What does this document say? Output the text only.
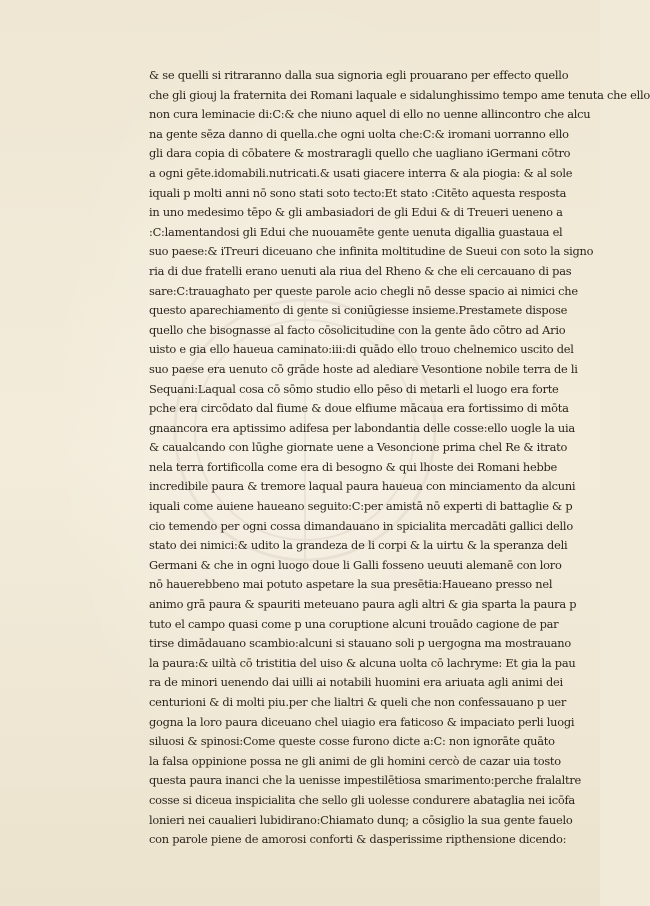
& se quelli si ritraranno dalla sua signoria egli prouarano per effecto quello
che gli giouj la fraternita dei Romani laquale e sidalunghissimo tempo ame tenuta che ello
non cura leminacie di:C:& che niuno aquel di ello no uenne allincontro che alcu
na gente sēza danno di quella.che ogni uolta che:C:& iromani uorranno ello
gli dara copia di cōbatere & mostraragli quello che uagliano iGermani cōtro
a ogni gēte.idomabili.nutricati.& usati giacere interra & ala piogia: & al sole
iquali p molti anni nō sono stati soto tecto:Et stato :Citēto aquesta resposta
in uno medesimo tēpo & gli ambasiadori de gli Edui & di Treueri ueneno a
:C:lamentandosi gli Edui che nuouamēte gente uenuta digallia guastaua el
suo paese:& iTreuri diceuano che infinita moltitudine de Sueui con soto la signo
ria di due fratelli erano uenuti ala riua del Rheno & che eli cercauano di pas
sare:C:trauaghato per queste parole acio chegli nō desse spacio ai nimici che
questo aparechiamento di gente si coniūgiesse insieme.Prestamete dispose
quello che bisognasse al facto cōsolicitudine con la gente ādo cōtro ad Ario
uisto e gia ello haueua caminato:iii:di quādo ello trouo chelnemico uscito del
suo paese era uenuto cō grāde hoste ad alediare Vesontione nobile terra de li
Sequani:Laqual cosa cō sōmo studio ello pēso di metarli el luogo era forte
pche era circōdato dal fiume & doue elfiume mācaua era fortissimo di mōta
gnaancora era aptissimo adifesa per labondantia delle cosse:ello uogle la uia
& caualcando con lūghe giornate uene a Vesoncione prima chel Re & itrato
nela terra fortificolla come era di besogno & qui lhoste dei Romani hebbe
incredibile paura & tremore laqual paura haueua con minciamento da alcuni
iquali come auiene haueano seguito:C:per amistā nō experti di battaglie & p
cio temendo per ogni cossa dimandauano in spicialita mercadāti gallici dello
stato dei nimici:& udito la grandeza de li corpi & la uirtu & la speranza deli
Germani & che in ogni luogo doue li Galli fosseno ueuuti alemanē con loro
nō hauerebbeno mai potuto aspetare la sua presētia:Haueano presso nel
animo grā paura & spauriti meteuano paura agli altri & gia sparta la paura p
tuto el campo quasi come p una coruptione alcuni trouādo cagione de par
tirse dimādauano scambio:alcuni si stauano soli p uergogna ma mostrauano
la paura:& uiltà cō tristitia del uiso & alcuna uolta cō lachryme: Et gia la pau
ra de minori uenendo dai uilli ai notabili huomini era ariuata agli animi dei
centurioni & di molti piu.per che lialtri & queli che non confessauano p uer
gogna la loro paura diceuano chel uiagio era faticoso & impaciato perli luogi
siluosi & spinosi:Come queste cosse furono dicte a:C: non ignorāte quāto
la falsa oppinione possa ne gli animi de gli homini cercò de cazar uia tosto
questa paura inanci che la uenisse impestilētiosa smarimento:perche fralaltre
cosse si diceua inspicialita che sello gli uolesse condurere abataglia nei icōfa
lonieri nei caualieri lubidirano:Chiamato dunq; a cōsiglio la sua gente fauelo
con parole piene de amorosi conforti & dasperissime ripthensione dicendo:
